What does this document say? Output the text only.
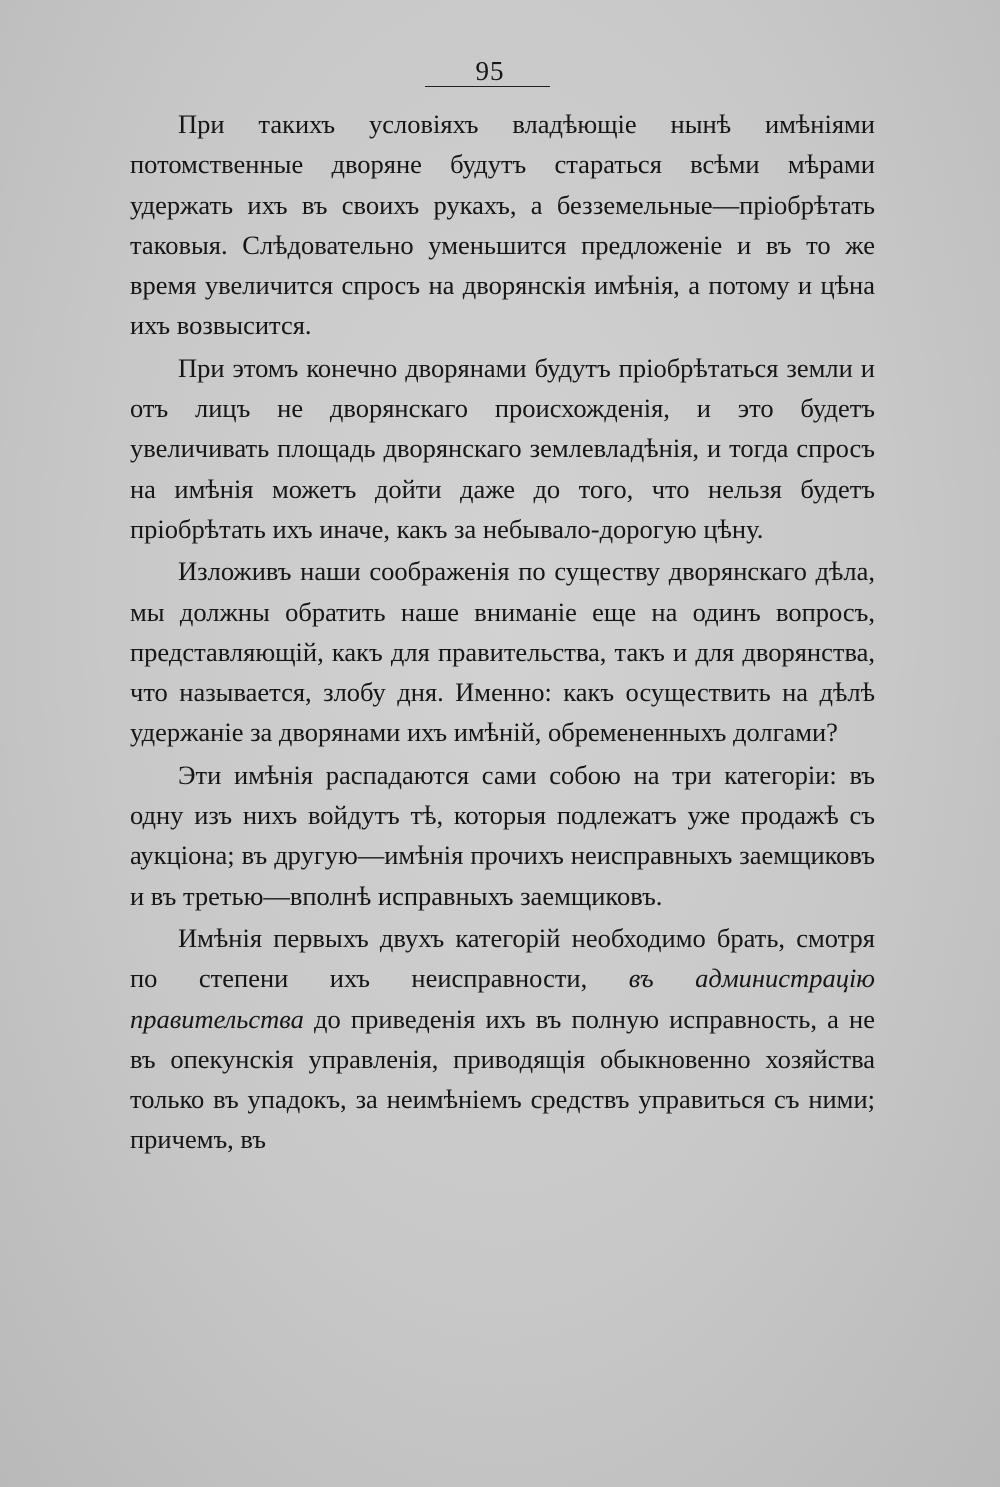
95

При такихъ условіяхъ владѣющіе нынѣ имѣніями потомственные дворяне будутъ стараться всѣми мѣрами удержать ихъ въ своихъ рукахъ, а безземельные—пріобрѣтать таковыя. Слѣдовательно уменьшится предложеніе и въ то же время увеличится спросъ на дворянскія имѣнія, а потому и цѣна ихъ возвысится.

При этомъ конечно дворянами будутъ пріобрѣтаться земли и отъ лицъ не дворянскаго происхожденія, и это будетъ увеличивать площадь дворянскаго землевладѣнія, и тогда спросъ на имѣнія можетъ дойти даже до того, что нельзя будетъ пріобрѣтать ихъ иначе, какъ за небывало-дорогую цѣну.

Изложивъ наши соображенія по существу дворянскаго дѣла, мы должны обратить наше вниманіе еще на одинъ вопросъ, представляющій, какъ для правительства, такъ и для дворянства, что называется, злобу дня. Именно: какъ осуществить на дѣлѣ удержаніе за дворянами ихъ имѣній, обремененныхъ долгами?

Эти имѣнія распадаются сами собою на три категоріи: въ одну изъ нихъ войдутъ тѣ, которыя подлежатъ уже продажѣ съ аукціона; въ другую—имѣнія прочихъ неисправныхъ заемщиковъ и въ третью—вполнѣ исправныхъ заемщиковъ.

Имѣнія первыхъ двухъ категорій необходимо брать, смотря по степени ихъ неисправности, въ администрацію правительства до приведенія ихъ въ полную исправность, а не въ опекунскія управленія, приводящія обыкновенно хозяйства только въ упадокъ, за неимѣніемъ средствъ управиться съ ними; причемъ, въ
